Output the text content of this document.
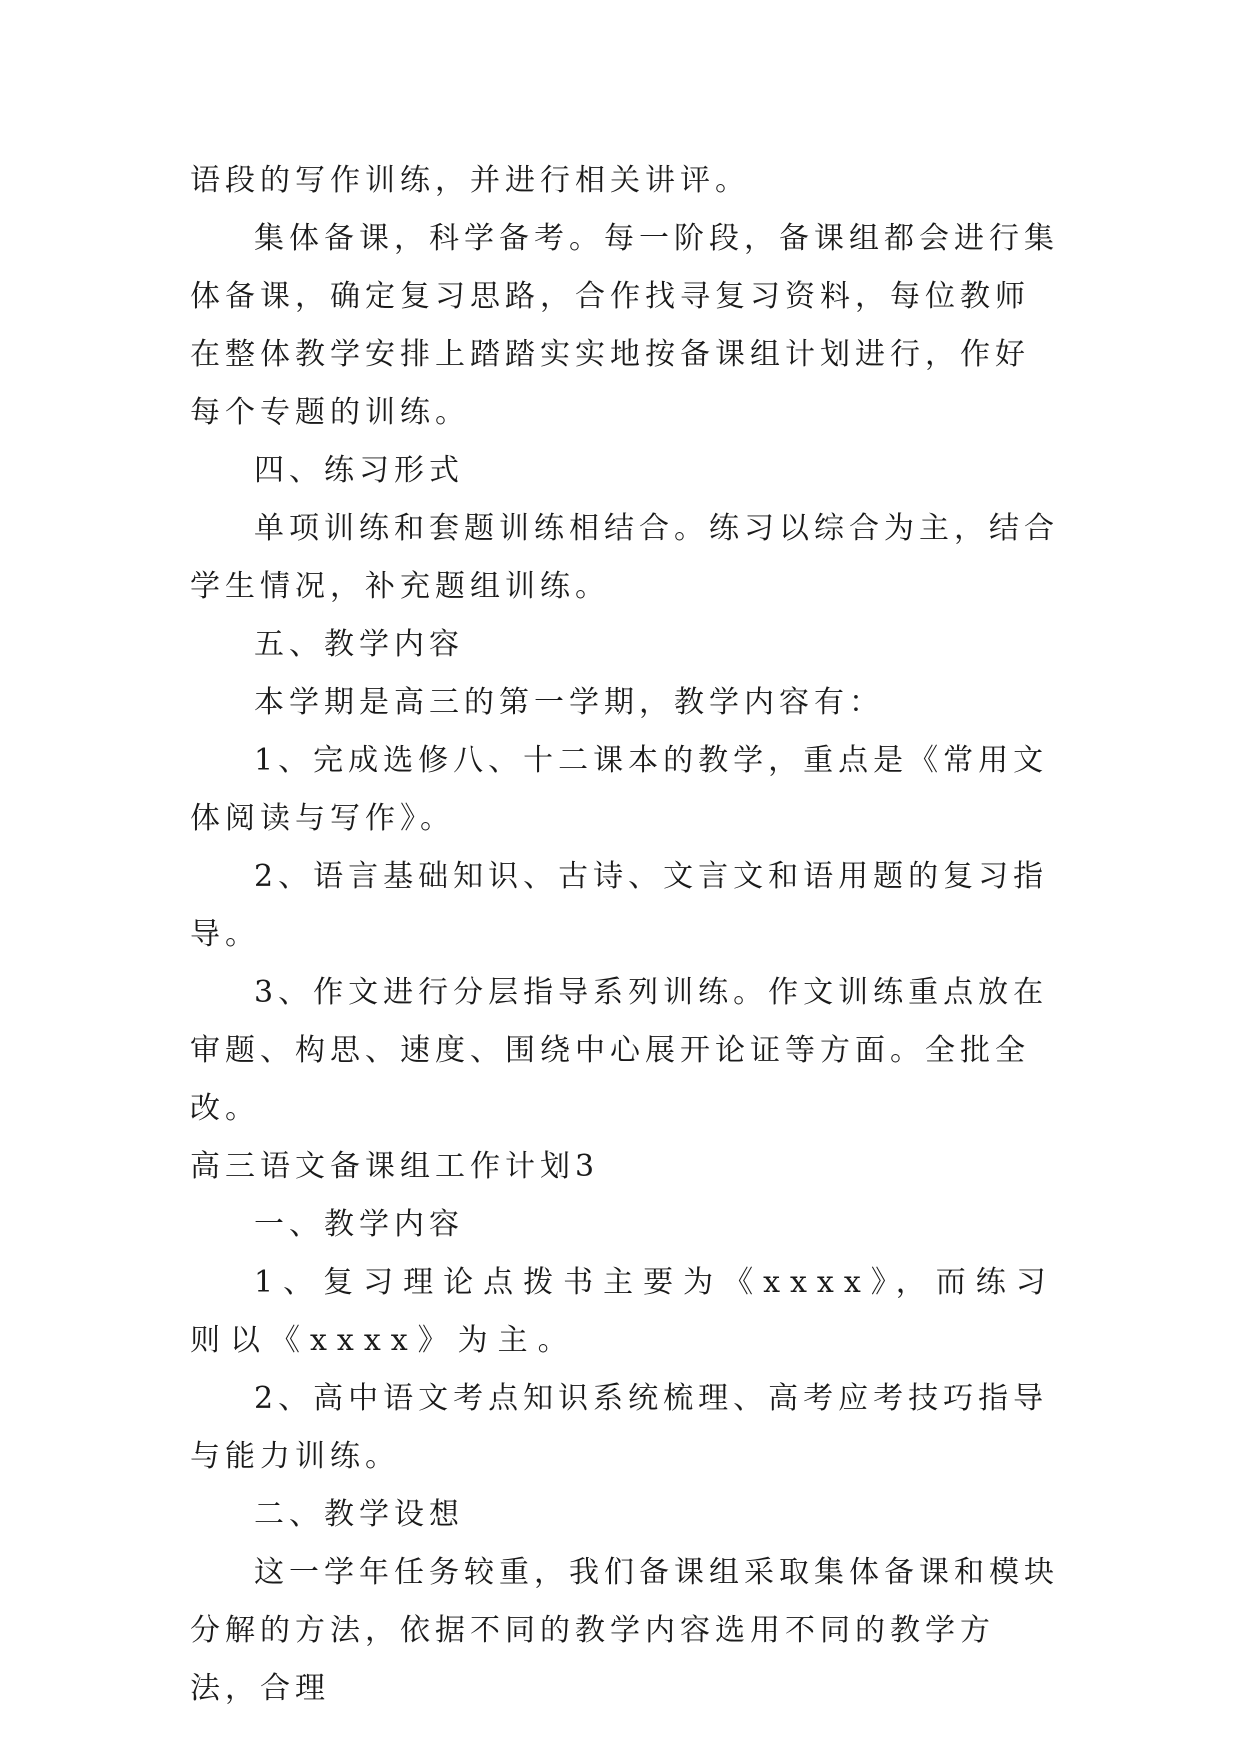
语段的写作训练，并进行相关讲评。

集体备课，科学备考。每一阶段，备课组都会进行集体备课，确定复习思路，合作找寻复习资料，每位教师在整体教学安排上踏踏实实地按备课组计划进行，作好每个专题的训练。

四、练习形式

单项训练和套题训练相结合。练习以综合为主，结合学生情况，补充题组训练。

五、教学内容

本学期是高三的第一学期，教学内容有：

1、完成选修八、十二课本的教学，重点是《常用文体阅读与写作》。

2、语言基础知识、古诗、文言文和语用题的复习指导。

3、作文进行分层指导系列训练。作文训练重点放在审题、构思、速度、围绕中心展开论证等方面。全批全改。

高三语文备课组工作计划3

一、教学内容

1、复习理论点拨书主要为《xxxx》，而练习则以《xxxx》为主。

2、高中语文考点知识系统梳理、高考应考技巧指导与能力训练。

二、教学设想

这一学年任务较重，我们备课组采取集体备课和模块分解的方法，依据不同的教学内容选用不同的教学方法，合理
